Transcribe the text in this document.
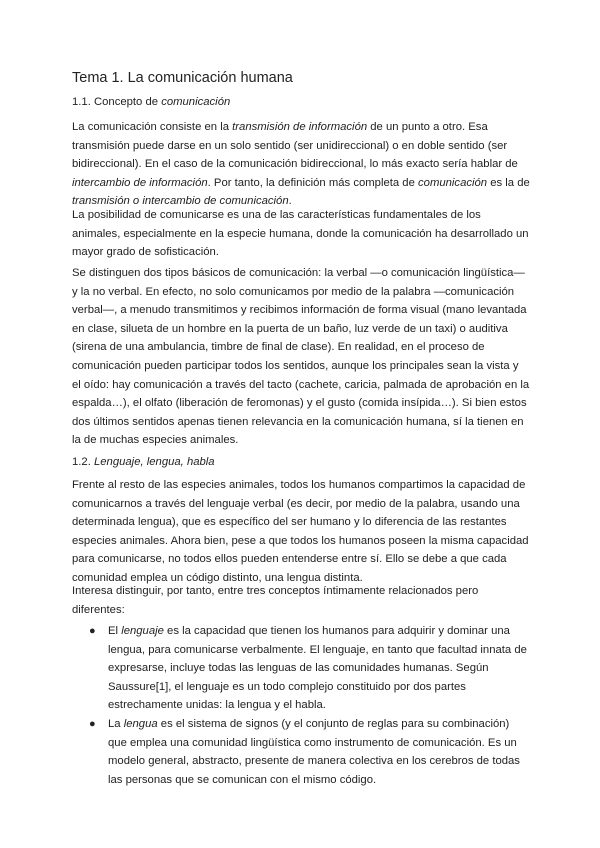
Tema 1. La comunicación humana

1.1. Concepto de comunicación

La comunicación consiste en la transmisión de información de un punto a otro. Esa transmisión puede darse en un solo sentido (ser unidireccional) o en doble sentido (ser bidireccional). En el caso de la comunicación bidireccional, lo más exacto sería hablar de intercambio de información. Por tanto, la definición más completa de comunicación es la de transmisión o intercambio de comunicación.

La posibilidad de comunicarse es una de las características fundamentales de los animales, especialmente en la especie humana, donde la comunicación ha desarrollado un mayor grado de sofisticación.

Se distinguen dos tipos básicos de comunicación: la verbal —o comunicación lingüística— y la no verbal. En efecto, no solo comunicamos por medio de la palabra —comunicación verbal—, a menudo transmitimos y recibimos información de forma visual (mano levantada en clase, silueta de un hombre en la puerta de un baño, luz verde de un taxi) o auditiva (sirena de una ambulancia, timbre de final de clase). En realidad, en el proceso de comunicación pueden participar todos los sentidos, aunque los principales sean la vista y el oído: hay comunicación a través del tacto (cachete, caricia, palmada de aprobación en la espalda…), el olfato (liberación de feromonas) y el gusto (comida insípida…). Si bien estos dos últimos sentidos apenas tienen relevancia en la comunicación humana, sí la tienen en la de muchas especies animales.

1.2. Lenguaje, lengua, habla

Frente al resto de las especies animales, todos los humanos compartimos la capacidad de comunicarnos a través del lenguaje verbal (es decir, por medio de la palabra, usando una determinada lengua), que es específico del ser humano y lo diferencia de las restantes especies animales. Ahora bien, pese a que todos los humanos poseen la misma capacidad para comunicarse, no todos ellos pueden entenderse entre sí. Ello se debe a que cada comunidad emplea un código distinto, una lengua distinta.

Interesa distinguir, por tanto, entre tres conceptos íntimamente relacionados pero diferentes:

● El lenguaje es la capacidad que tienen los humanos para adquirir y dominar una lengua, para comunicarse verbalmente. El lenguaje, en tanto que facultad innata de expresarse, incluye todas las lenguas de las comunidades humanas. Según Saussure[1], el lenguaje es un todo complejo constituido por dos partes estrechamente unidas: la lengua y el habla.
● La lengua es el sistema de signos (y el conjunto de reglas para su combinación) que emplea una comunidad lingüística como instrumento de comunicación. Es un modelo general, abstracto, presente de manera colectiva en los cerebros de todas las personas que se comunican con el mismo código.
